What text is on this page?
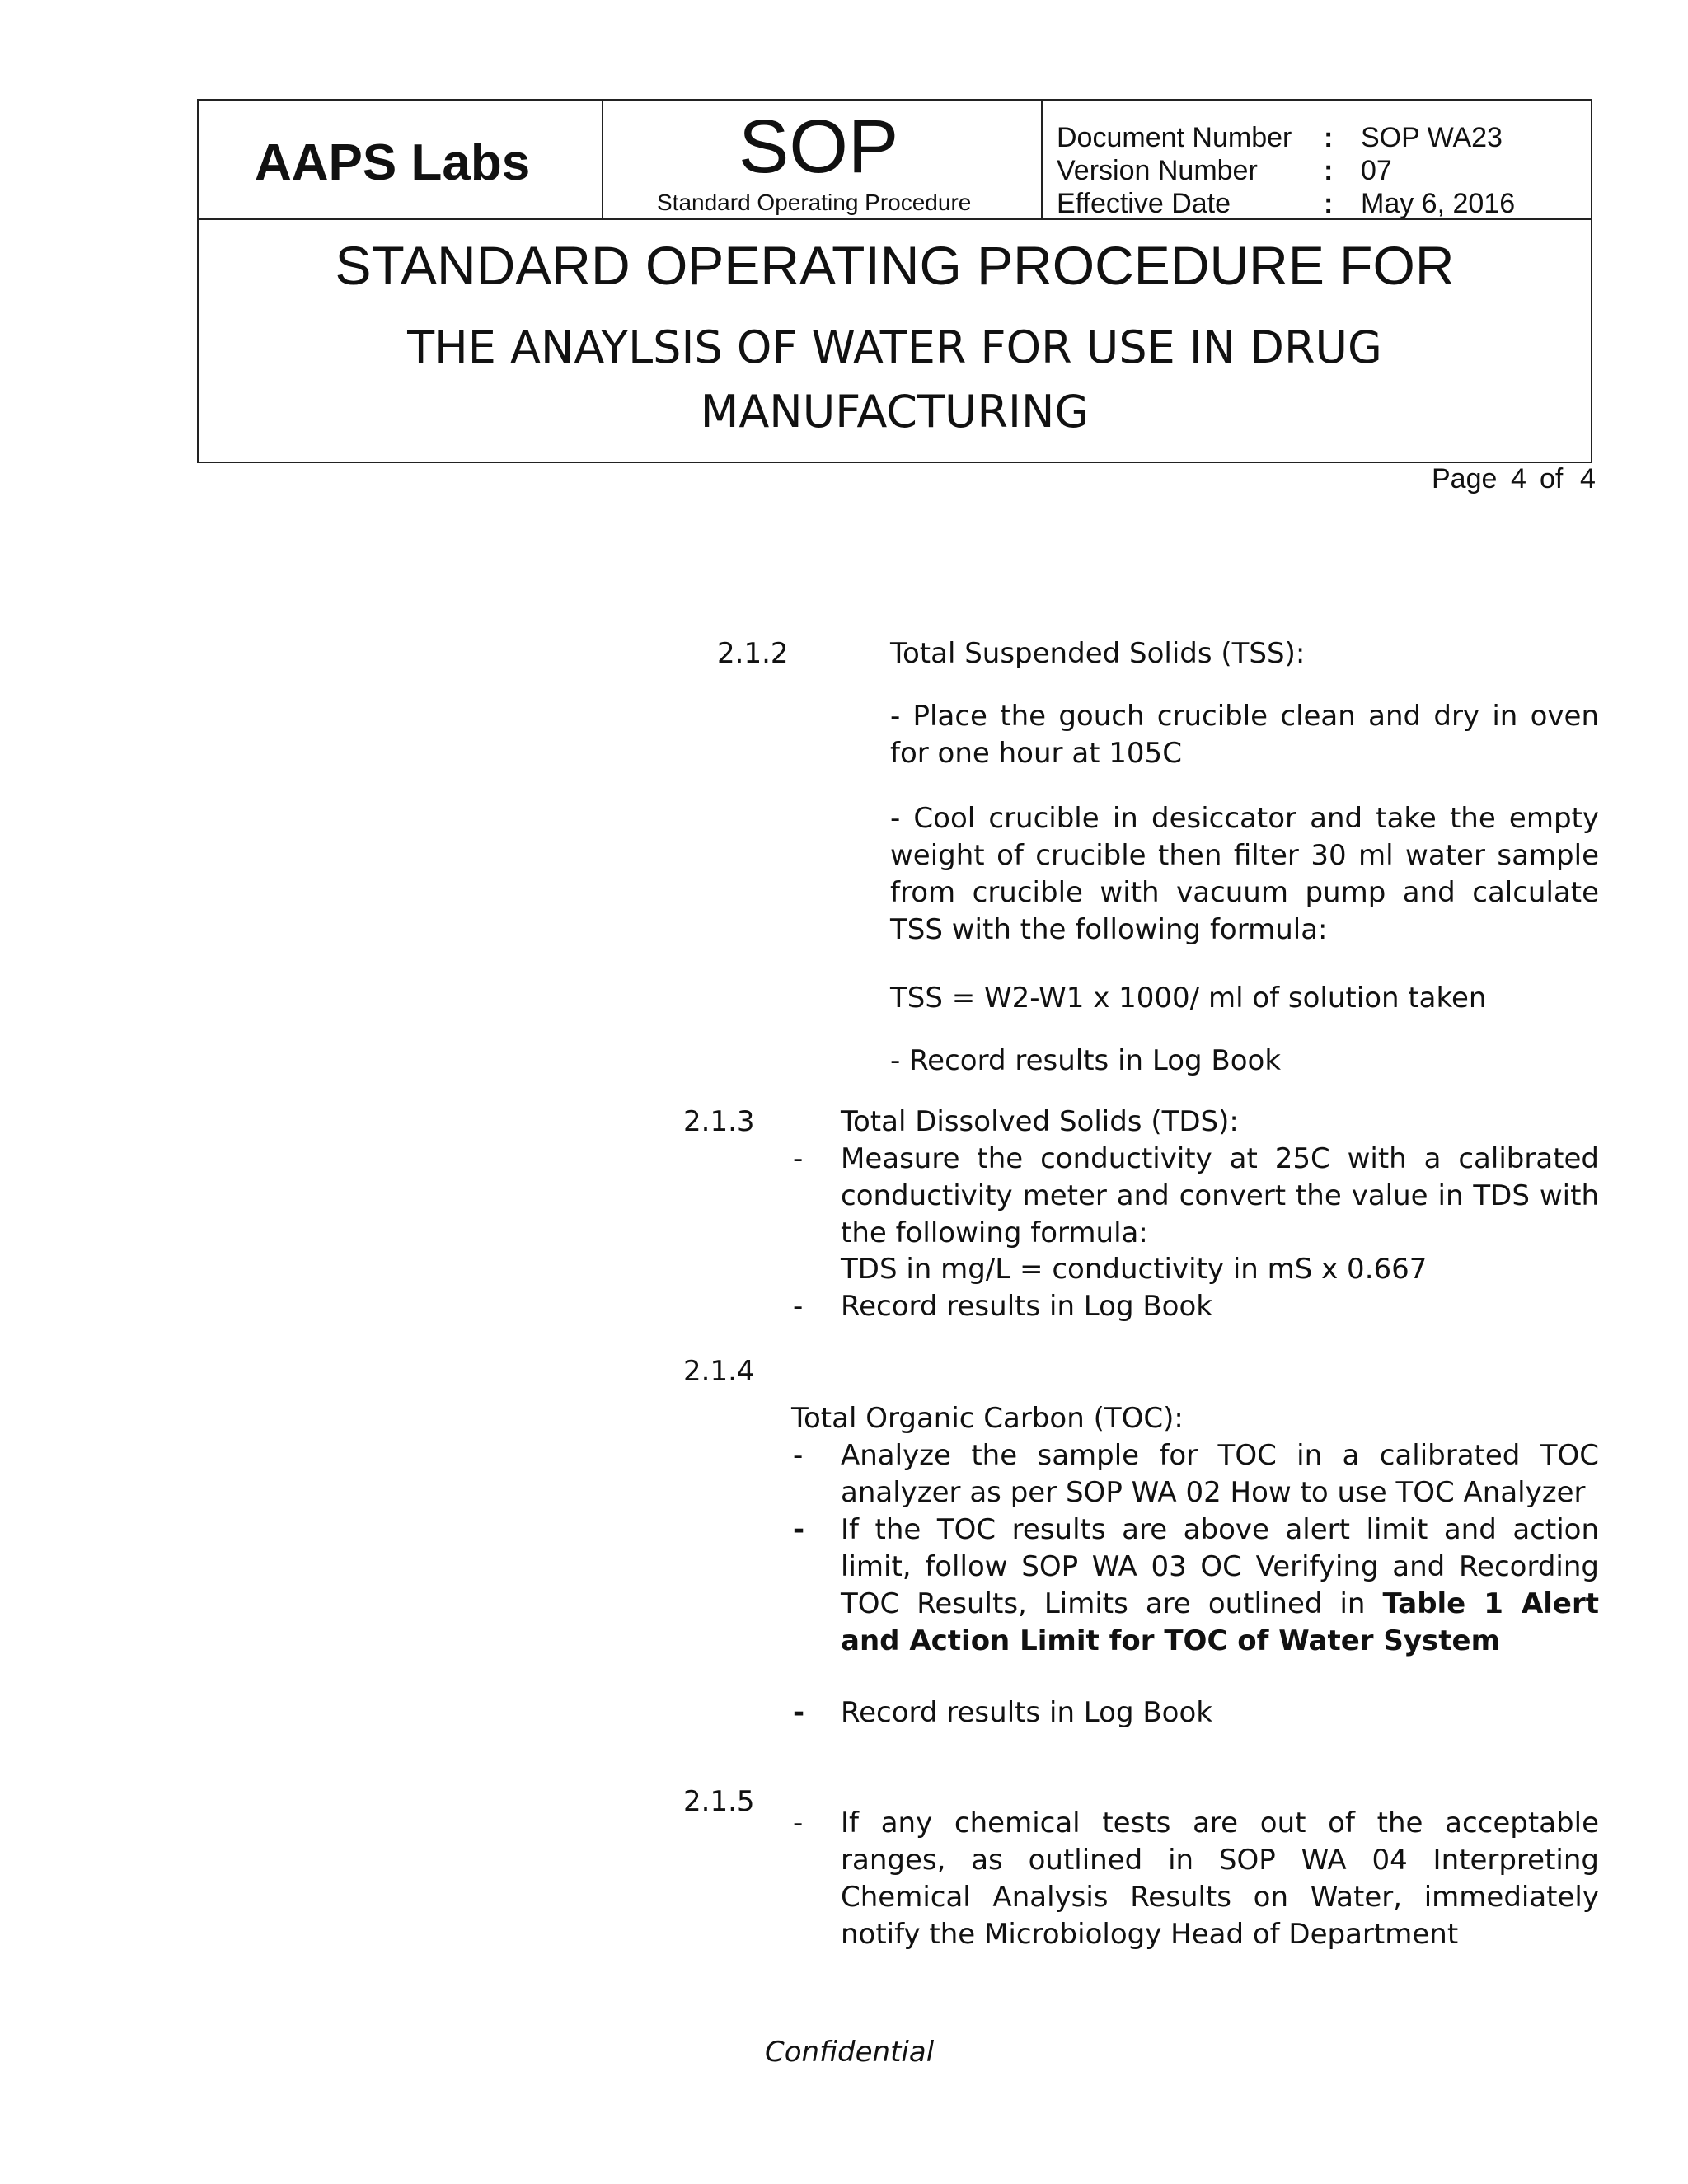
AAPS Labs	SOP
Standard Operating Procedure
Document Number : SOP WA23
Version Number : 07
Effective Date	: May 6, 2016
STANDARD OPERATING PROCEDURE FOR
THE ANAYLSIS OF WATER FOR USE IN DRUG
MANUFACTURING
Page 4 of 4
2.1.2	Total Suspended Solids (TSS):
- Place the gouch crucible clean and dry in oven for one hour at 105C
- Cool crucible in desiccator and take the empty weight of crucible then filter 30 ml water sample from crucible with vacuum pump and calculate TSS with the following formula:
TSS = W2-W1 x 1000/ ml of solution taken
- Record results in Log Book
2.1.3	Total Dissolved Solids (TDS):
- Measure the conductivity at 25C with a calibrated conductivity meter and convert the value in TDS with the following formula:
TDS in mg/L = conductivity in mS x 0.667
- Record results in Log Book
2.1.4
Total Organic Carbon (TOC):
- Analyze the sample for TOC in a calibrated TOC analyzer as per SOP WA 02 How to use TOC Analyzer
- If the TOC results are above alert limit and action limit, follow SOP WA 03 OC Verifying and Recording TOC Results, Limits are outlined in Table 1 Alert and Action Limit for TOC of Water System
- Record results in Log Book
2.1.5
- If any chemical tests are out of the acceptable ranges, as outlined in SOP WA 04 Interpreting Chemical Analysis Results on Water, immediately notify the Microbiology Head of Department
Confidential
